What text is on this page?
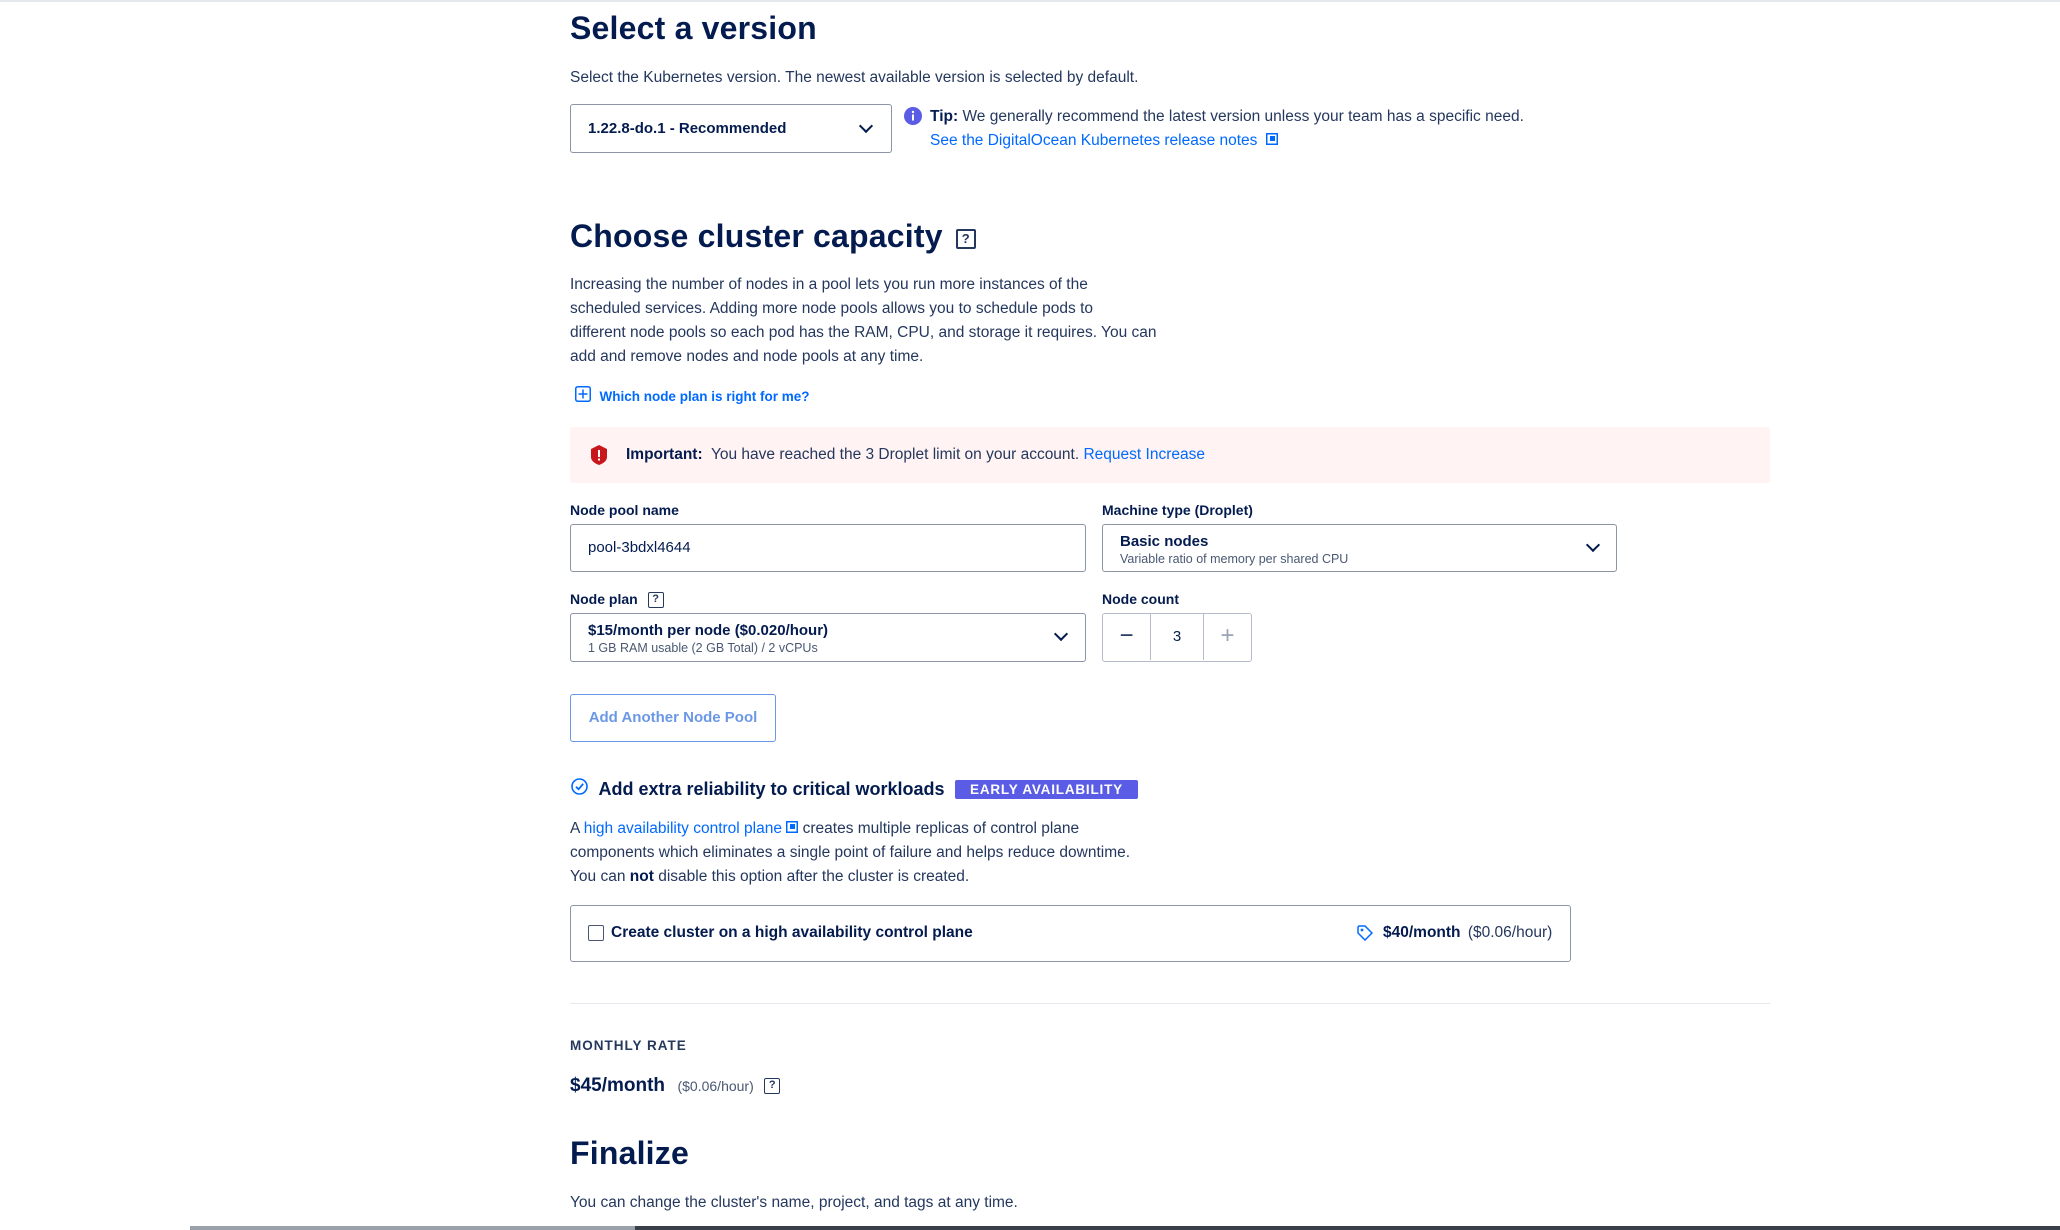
Select a version
Select the Kubernetes version. The newest available version is selected by default.
1.22.8-do.1 - Recommended
Tip: We generally recommend the latest version unless your team has a specific need.
See the DigitalOcean Kubernetes release notes
Choose cluster capacity ?
Increasing the number of nodes in a pool lets you run more instances of the
scheduled services. Adding more node pools allows you to schedule pods to
different node pools so each pod has the RAM, CPU, and storage it requires. You can
add and remove nodes and node pools at any time.
Which node plan is right for me?
Important: You have reached the 3 Droplet limit on your account. Request Increase
Node pool name
pool-3bdxl4644
Machine type (Droplet)
Basic nodes
Variable ratio of memory per shared CPU
Node plan ?
$15/month per node ($0.020/hour)
1 GB RAM usable (2 GB Total) / 2 vCPUs
Node count
−	3	+
Add Another Node Pool
Add extra reliability to critical workloads EARLY AVAILABILITY
A high availability control plane creates multiple replicas of control plane
components which eliminates a single point of failure and helps reduce downtime.
You can not disable this option after the cluster is created.
Create cluster on a high availability control plane	$40/month ($0.06/hour)
MONTHLY RATE
$45/month ($0.06/hour) ?
Finalize
You can change the cluster's name, project, and tags at any time.
